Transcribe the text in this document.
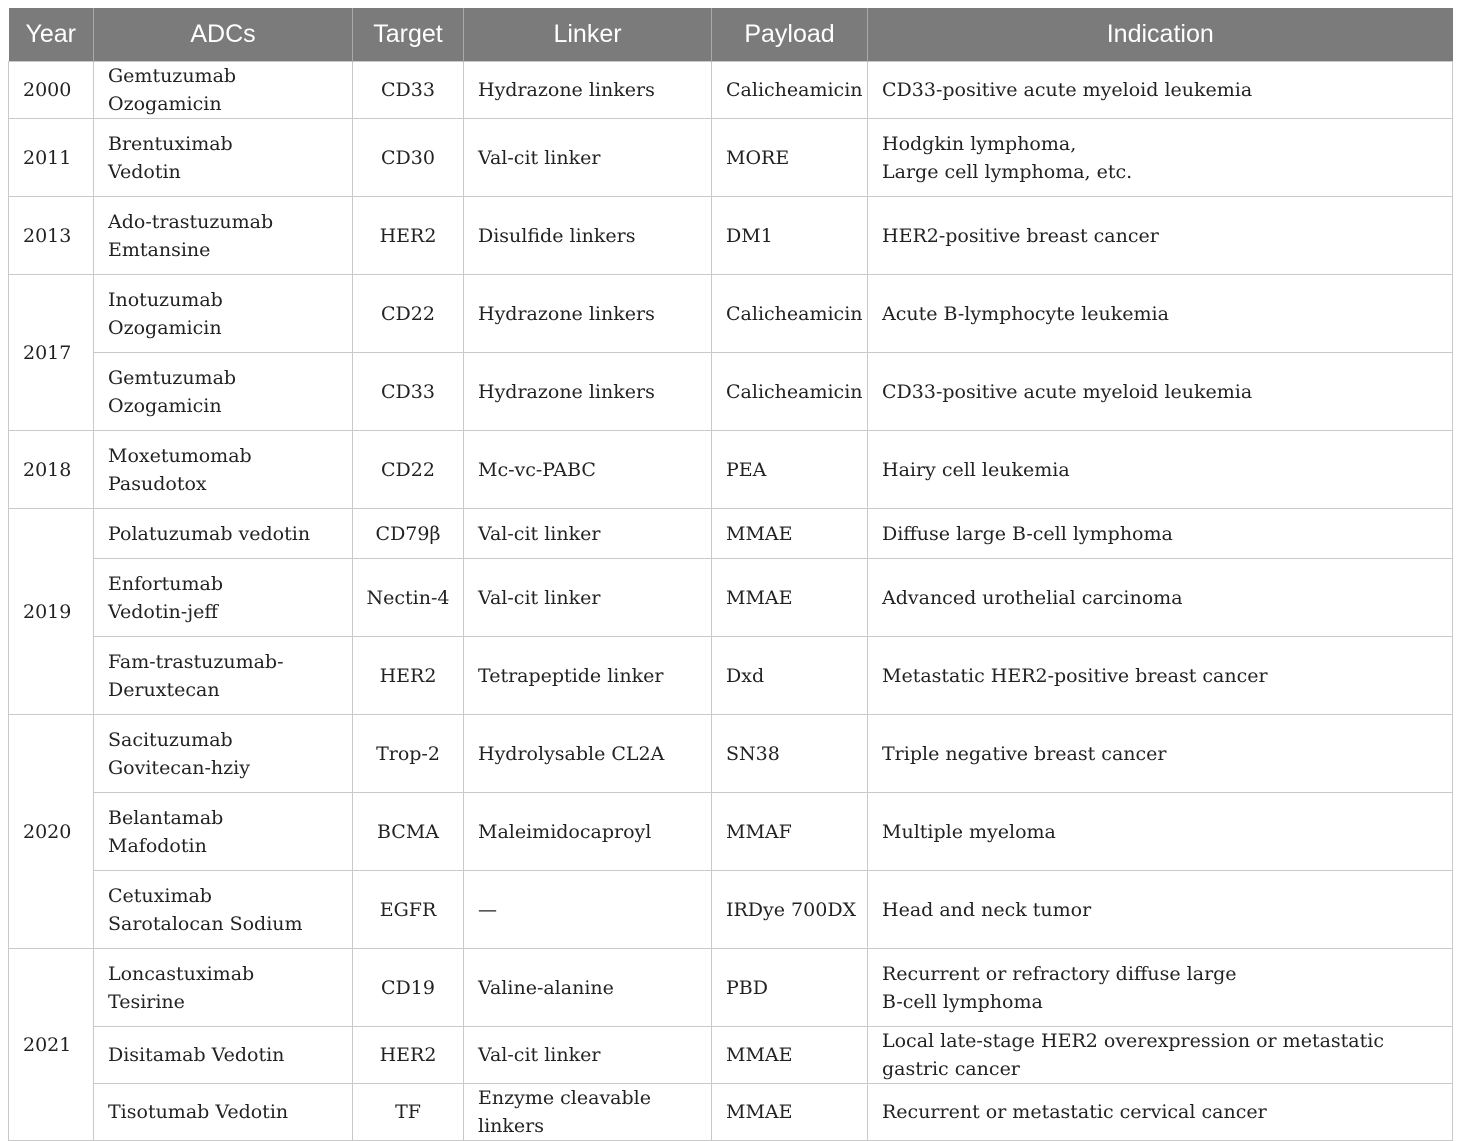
Year	ADCs	Target	Linker	Payload	Indication
2000	Gemtuzumab Ozogamicin	CD33	Hydrazone linkers	Calicheamicin	CD33-positive acute myeloid leukemia

2011	Brentuximab
Vedotin	CD30	Val-cit linker	MORE	Hodgkin lymphoma,
Large cell lymphoma, etc.

2013	Ado-trastuzumab
Emtansine	HER2	Disulfide linkers	DM1	HER2-positive breast cancer

2017	Inotuzumab
Ozogamicin	CD22	Hydrazone linkers	Calicheamicin	Acute B-lymphocyte leukemia

	Gemtuzumab
Ozogamicin	CD33	Hydrazone linkers	Calicheamicin	CD33-positive acute myeloid leukemia

2018	Moxetumomab
Pasudotox	CD22	Mc-vc-PABC	PEA	Hairy cell leukemia

2019	Polatuzumab vedotin	CD79β	Val-cit linker	MMAE	Diffuse large B-cell lymphoma

	Enfortumab
Vedotin-jeff	Nectin-4	Val-cit linker	MMAE	Advanced urothelial carcinoma

	Fam-trastuzumab-
Deruxtecan	HER2	Tetrapeptide linker	Dxd	Metastatic HER2-positive breast cancer

2020	Sacituzumab
Govitecan-hziy	Trop-2	Hydrolysable CL2A	SN38	Triple negative breast cancer

	Belantamab
Mafodotin	BCMA	Maleimidocaproyl	MMAF	Multiple myeloma

	Cetuximab
Sarotalocan Sodium	EGFR	—	IRDye 700DX	Head and neck tumor

2021	Loncastuximab
Tesirine	CD19	Valine-alanine	PBD	Recurrent or refractory diffuse large
B-cell lymphoma

	Disitamab Vedotin	HER2	Val-cit linker	MMAE	Local late-stage HER2 overexpression or metastatic gastric cancer

	Tisotumab Vedotin	TF	Enzyme cleavable linkers	MMAE	Recurrent or metastatic cervical cancer
